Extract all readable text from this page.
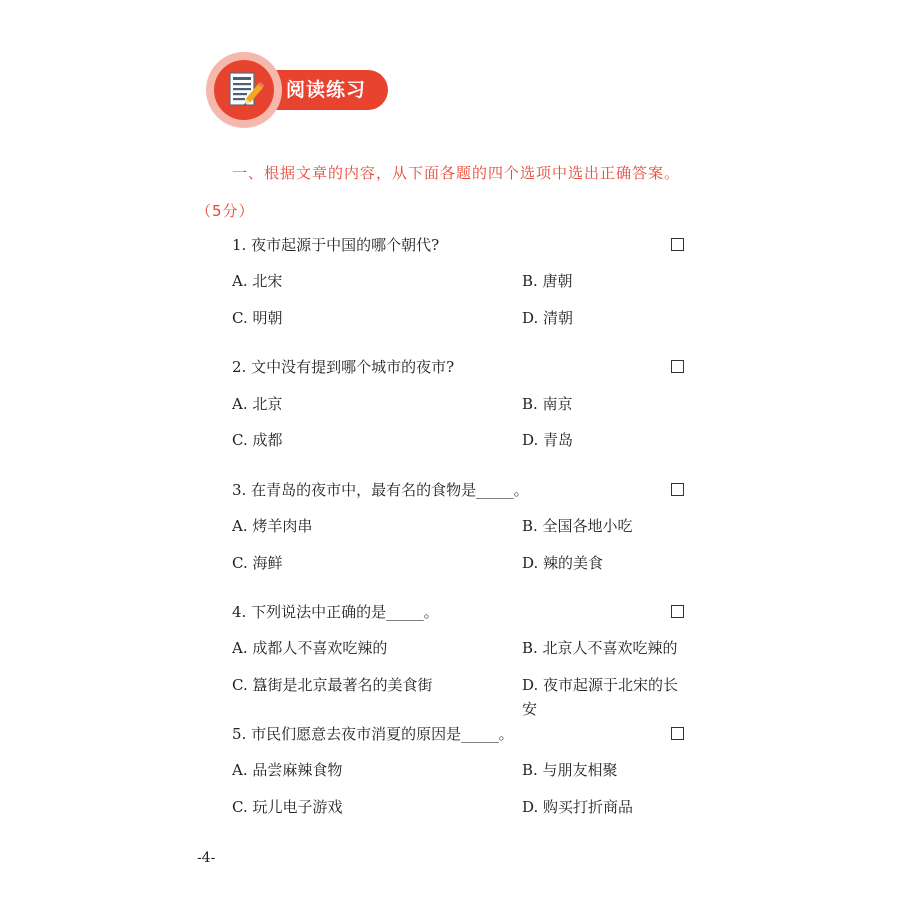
阅读练习
一、根据文章的内容，从下面各题的四个选项中选出正确答案。
（5分）
1. 夜市起源于中国的哪个朝代?
A. 北宋	B. 唐朝
C. 明朝	D. 清朝
2. 文中没有提到哪个城市的夜市?
A. 北京	B. 南京
C. 成都	D. 青岛
3. 在青岛的夜市中，最有名的食物是_____。
A. 烤羊肉串	B. 全国各地小吃
C. 海鲜	D. 辣的美食
4. 下列说法中正确的是_____。
A. 成都人不喜欢吃辣的	B. 北京人不喜欢吃辣的
C. 簋街是北京最著名的美食街	D. 夜市起源于北宋的长安
5. 市民们愿意去夜市消夏的原因是_____。
A. 品尝麻辣食物	B. 与朋友相聚
C. 玩儿电子游戏	D. 购买打折商品
-4-
